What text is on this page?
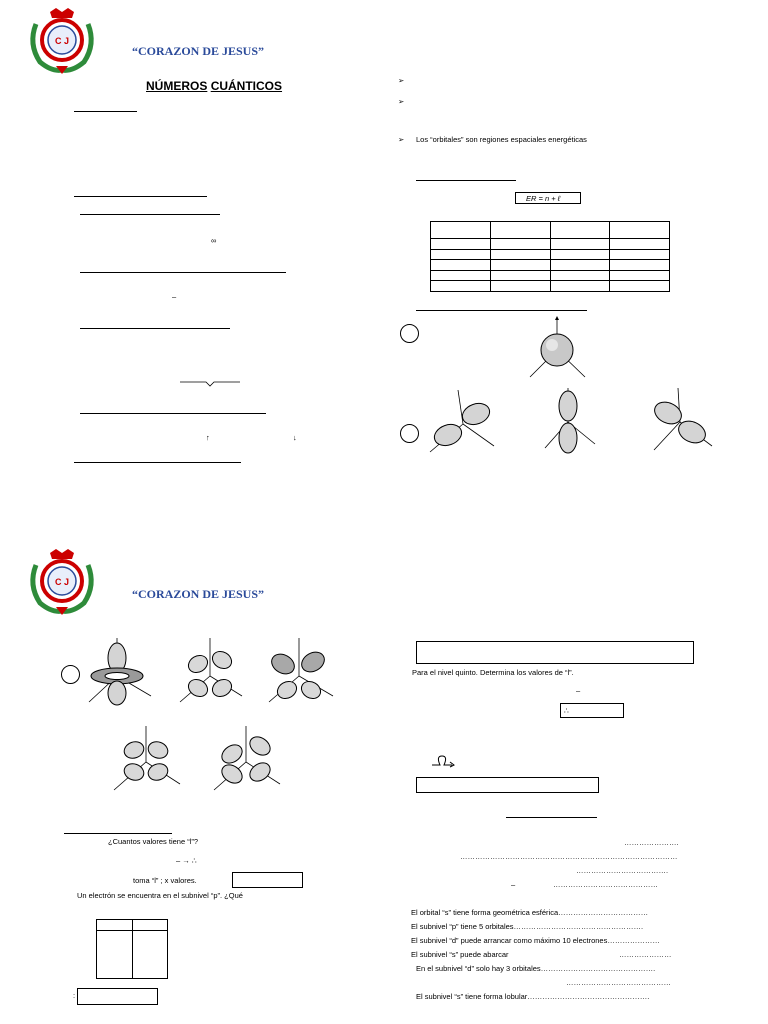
C J
“CORAZON DE JESUS”
NÚMEROS CUÁNTICOS
∞
–
↑	↓
➢
➢
➢ Los “orbitales” son regiones espaciales energéticas
ER = n + ℓ

C J
“CORAZON DE JESUS”
¿Cuantos valores tiene “l”?
– → ∴
toma “l” ; x valores.
Un electrón se encuentra en el subnivel “p”. ¿Qué

:
Para el nivel quinto. Determina los valores de “l”.
–
∴
………………….
……………………………………………………………………………
……………………………….
–	……………………………………
El orbital “s” tiene forma geométrica esférica………………………………
El subnivel “p” tiene 5 orbitales…………………………………………….
El subnivel “d” puede arrancar como máximo 10 electrones…………………
El subnivel “s” puede abarcar	…………………
En el subnivel “d” solo hay 3 orbitales……………………………………….
……………………………………
El subnivel “s” tiene forma lobular………………………………………….
